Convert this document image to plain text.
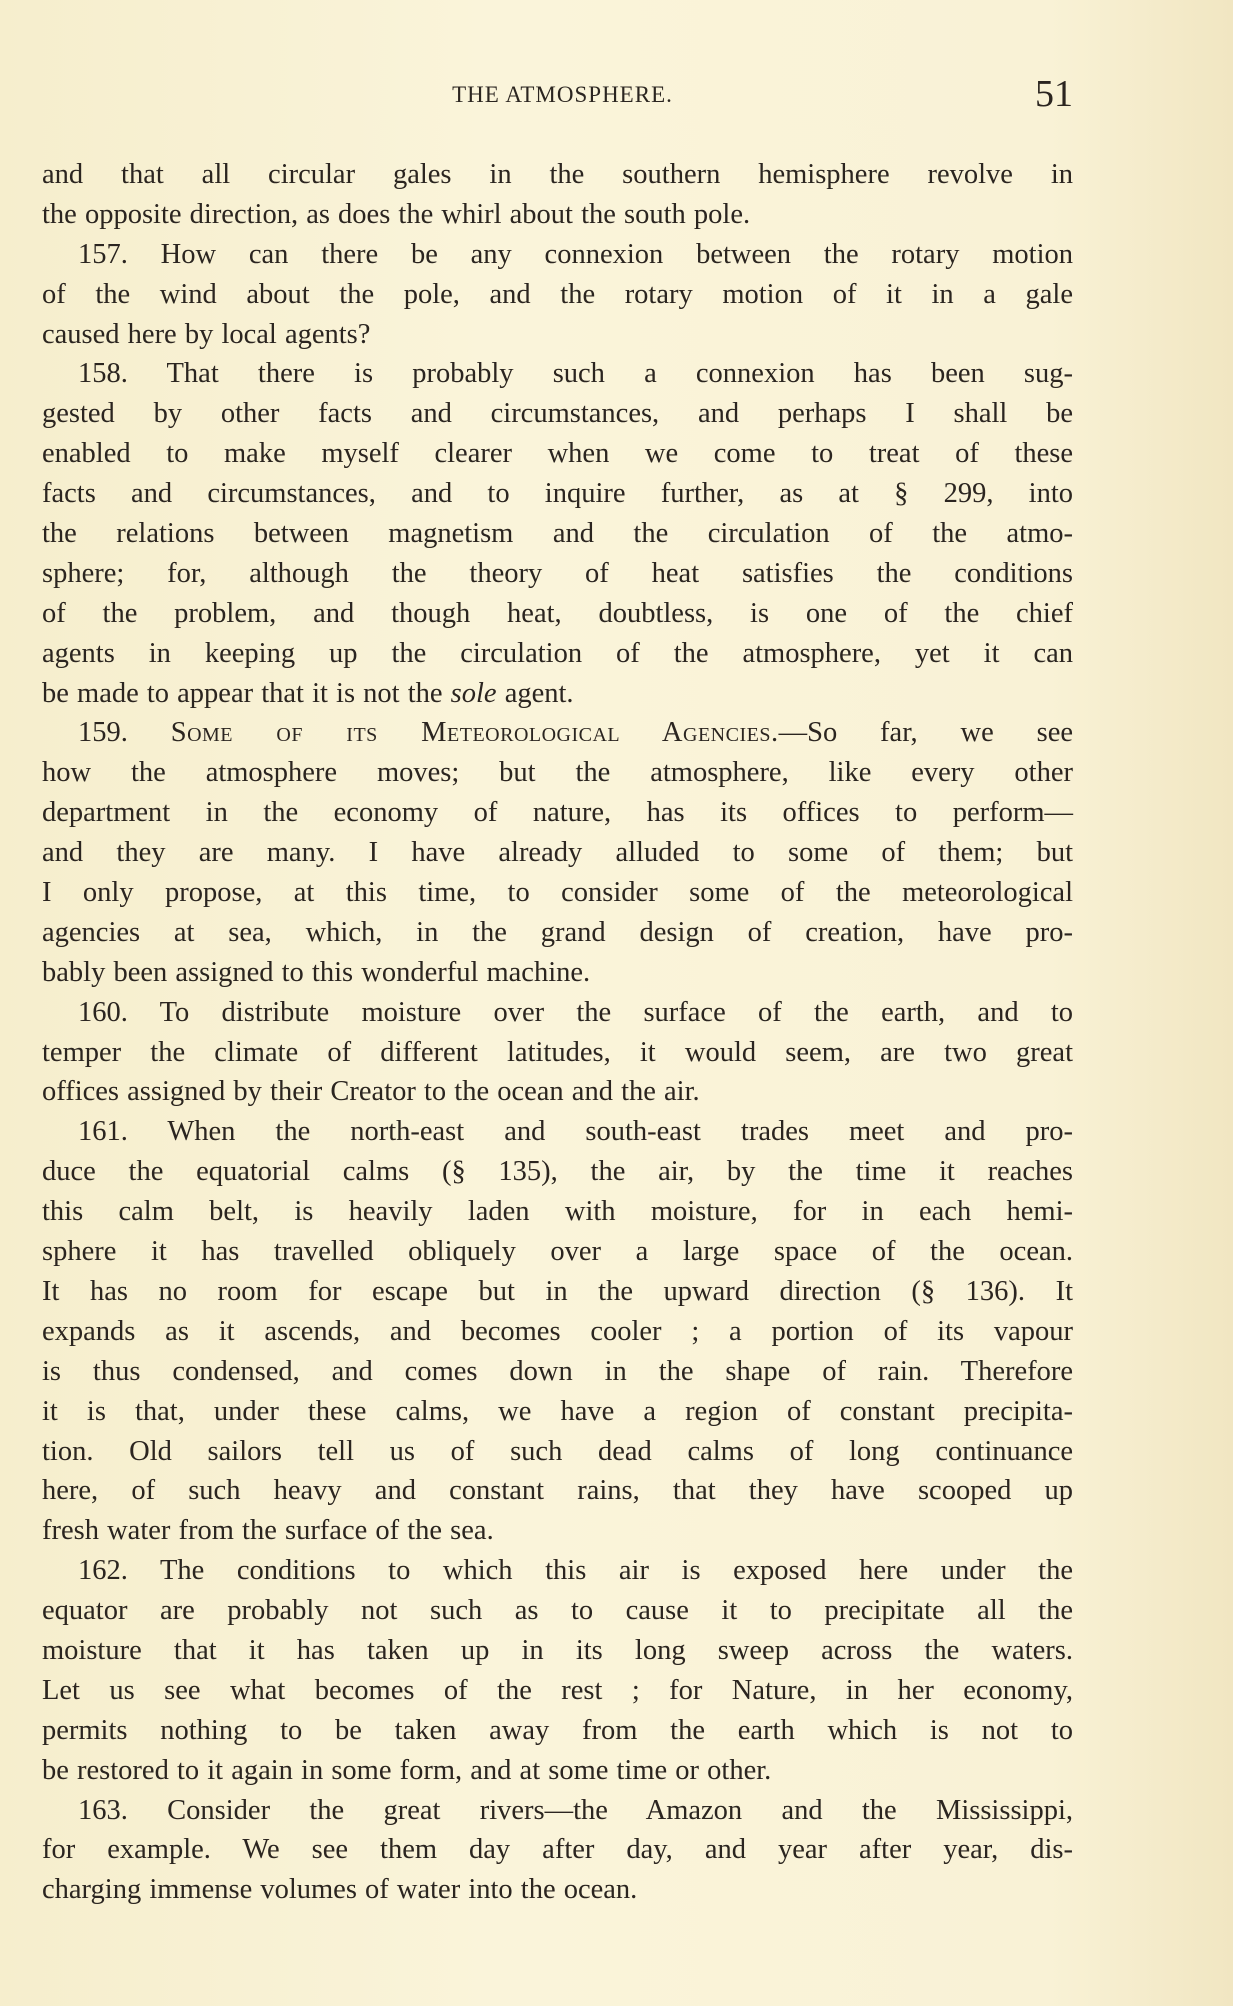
THE ATMOSPHERE.	51
and that all circular gales in the southern hemisphere revolve in
the opposite direction, as does the whirl about the south pole.
157. How can there be any connexion between the rotary motion
of the wind about the pole, and the rotary motion of it in a gale
caused here by local agents?
158. That there is probably such a connexion has been sug-
gested by other facts and circumstances, and perhaps I shall be
enabled to make myself clearer when we come to treat of these
facts and circumstances, and to inquire further, as at § 299, into
the relations between magnetism and the circulation of the atmo-
sphere; for, although the theory of heat satisfies the conditions
of the problem, and though heat, doubtless, is one of the chief
agents in keeping up the circulation of the atmosphere, yet it can
be made to appear that it is not the sole agent.
159. Some of its Meteorological Agencies.—So far, we see
how the atmosphere moves; but the atmosphere, like every other
department in the economy of nature, has its offices to perform—
and they are many. I have already alluded to some of them; but
I only propose, at this time, to consider some of the meteorological
agencies at sea, which, in the grand design of creation, have pro-
bably been assigned to this wonderful machine.
160. To distribute moisture over the surface of the earth, and to
temper the climate of different latitudes, it would seem, are two great
offices assigned by their Creator to the ocean and the air.
161. When the north-east and south-east trades meet and pro-
duce the equatorial calms (§ 135), the air, by the time it reaches
this calm belt, is heavily laden with moisture, for in each hemi-
sphere it has travelled obliquely over a large space of the ocean.
It has no room for escape but in the upward direction (§ 136). It
expands as it ascends, and becomes cooler ; a portion of its vapour
is thus condensed, and comes down in the shape of rain. Therefore
it is that, under these calms, we have a region of constant precipita-
tion. Old sailors tell us of such dead calms of long continuance
here, of such heavy and constant rains, that they have scooped up
fresh water from the surface of the sea.
162. The conditions to which this air is exposed here under the
equator are probably not such as to cause it to precipitate all the
moisture that it has taken up in its long sweep across the waters.
Let us see what becomes of the rest ; for Nature, in her economy,
permits nothing to be taken away from the earth which is not to
be restored to it again in some form, and at some time or other.
163. Consider the great rivers—the Amazon and the Mississippi,
for example. We see them day after day, and year after year, dis-
charging immense volumes of water into the ocean.
